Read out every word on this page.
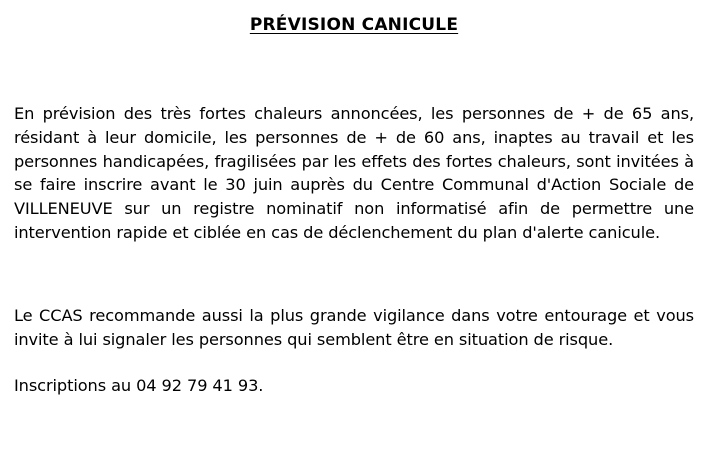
PRÉVISION CANICULE

En prévision des très fortes chaleurs annoncées, les personnes de + de 65 ans, résidant à leur domicile, les personnes de + de 60 ans, inaptes au travail et les personnes handicapées, fragilisées par les effets des fortes chaleurs, sont invitées à se faire inscrire avant le 30 juin auprès du Centre Communal d'Action Sociale de VILLENEUVE sur un registre nominatif non informatisé afin de permettre une intervention rapide et ciblée en cas de déclenchement du plan d'alerte canicule.

Le CCAS recommande aussi la plus grande vigilance dans votre entourage et vous invite à lui signaler les personnes qui semblent être en situation de risque.

Inscriptions au 04 92 79 41 93.
